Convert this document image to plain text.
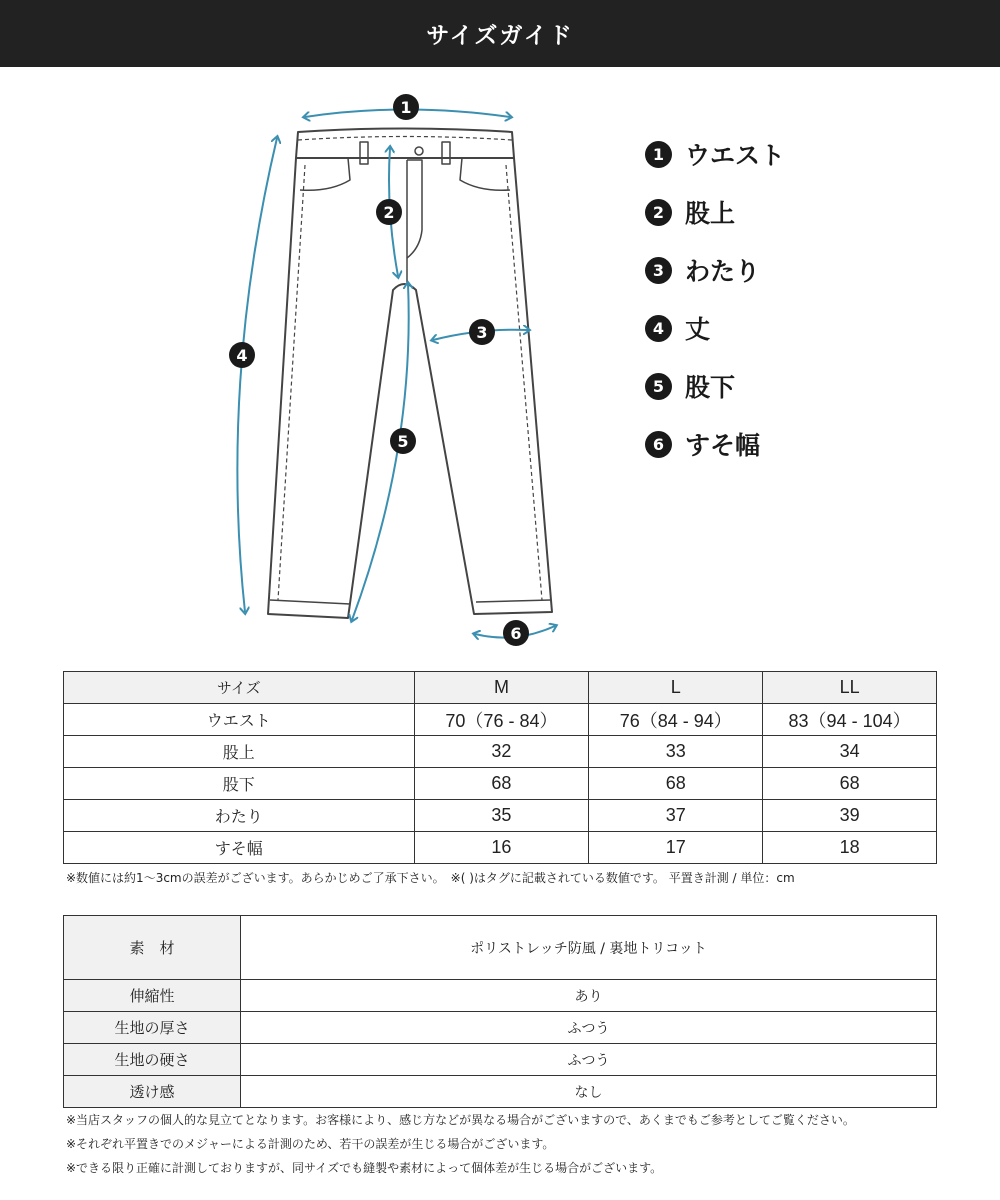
サイズガイド
1
2
3
4
5
6
1 ウエスト
2 股上
3 わたり
4 丈
5 股下
6 すそ幅
サイズ	M	L	LL
ウエスト	70（76 - 84）	76（84 - 94）	83（94 - 104）
股上	32	33	34
股下	68	68	68
わたり	35	37	39
すそ幅	16	17	18
※数値には約1～3cmの誤差がございます。あらかじめご了承下さい。　※( )はタグに記載されている数値です。 平置き計測 / 単位：cm
素　材	ポリストレッチ防風 / 裏地トリコット
伸縮性	あり
生地の厚さ	ふつう
生地の硬さ	ふつう
透け感	なし
※当店スタッフの個人的な見立てとなります。お客様により、感じ方などが異なる場合がございますので、あくまでもご参考としてご覧ください。
※それぞれ平置きでのメジャーによる計測のため、若干の誤差が生じる場合がございます。
※できる限り正確に計測しておりますが、同サイズでも縫製や素材によって個体差が生じる場合がございます。
